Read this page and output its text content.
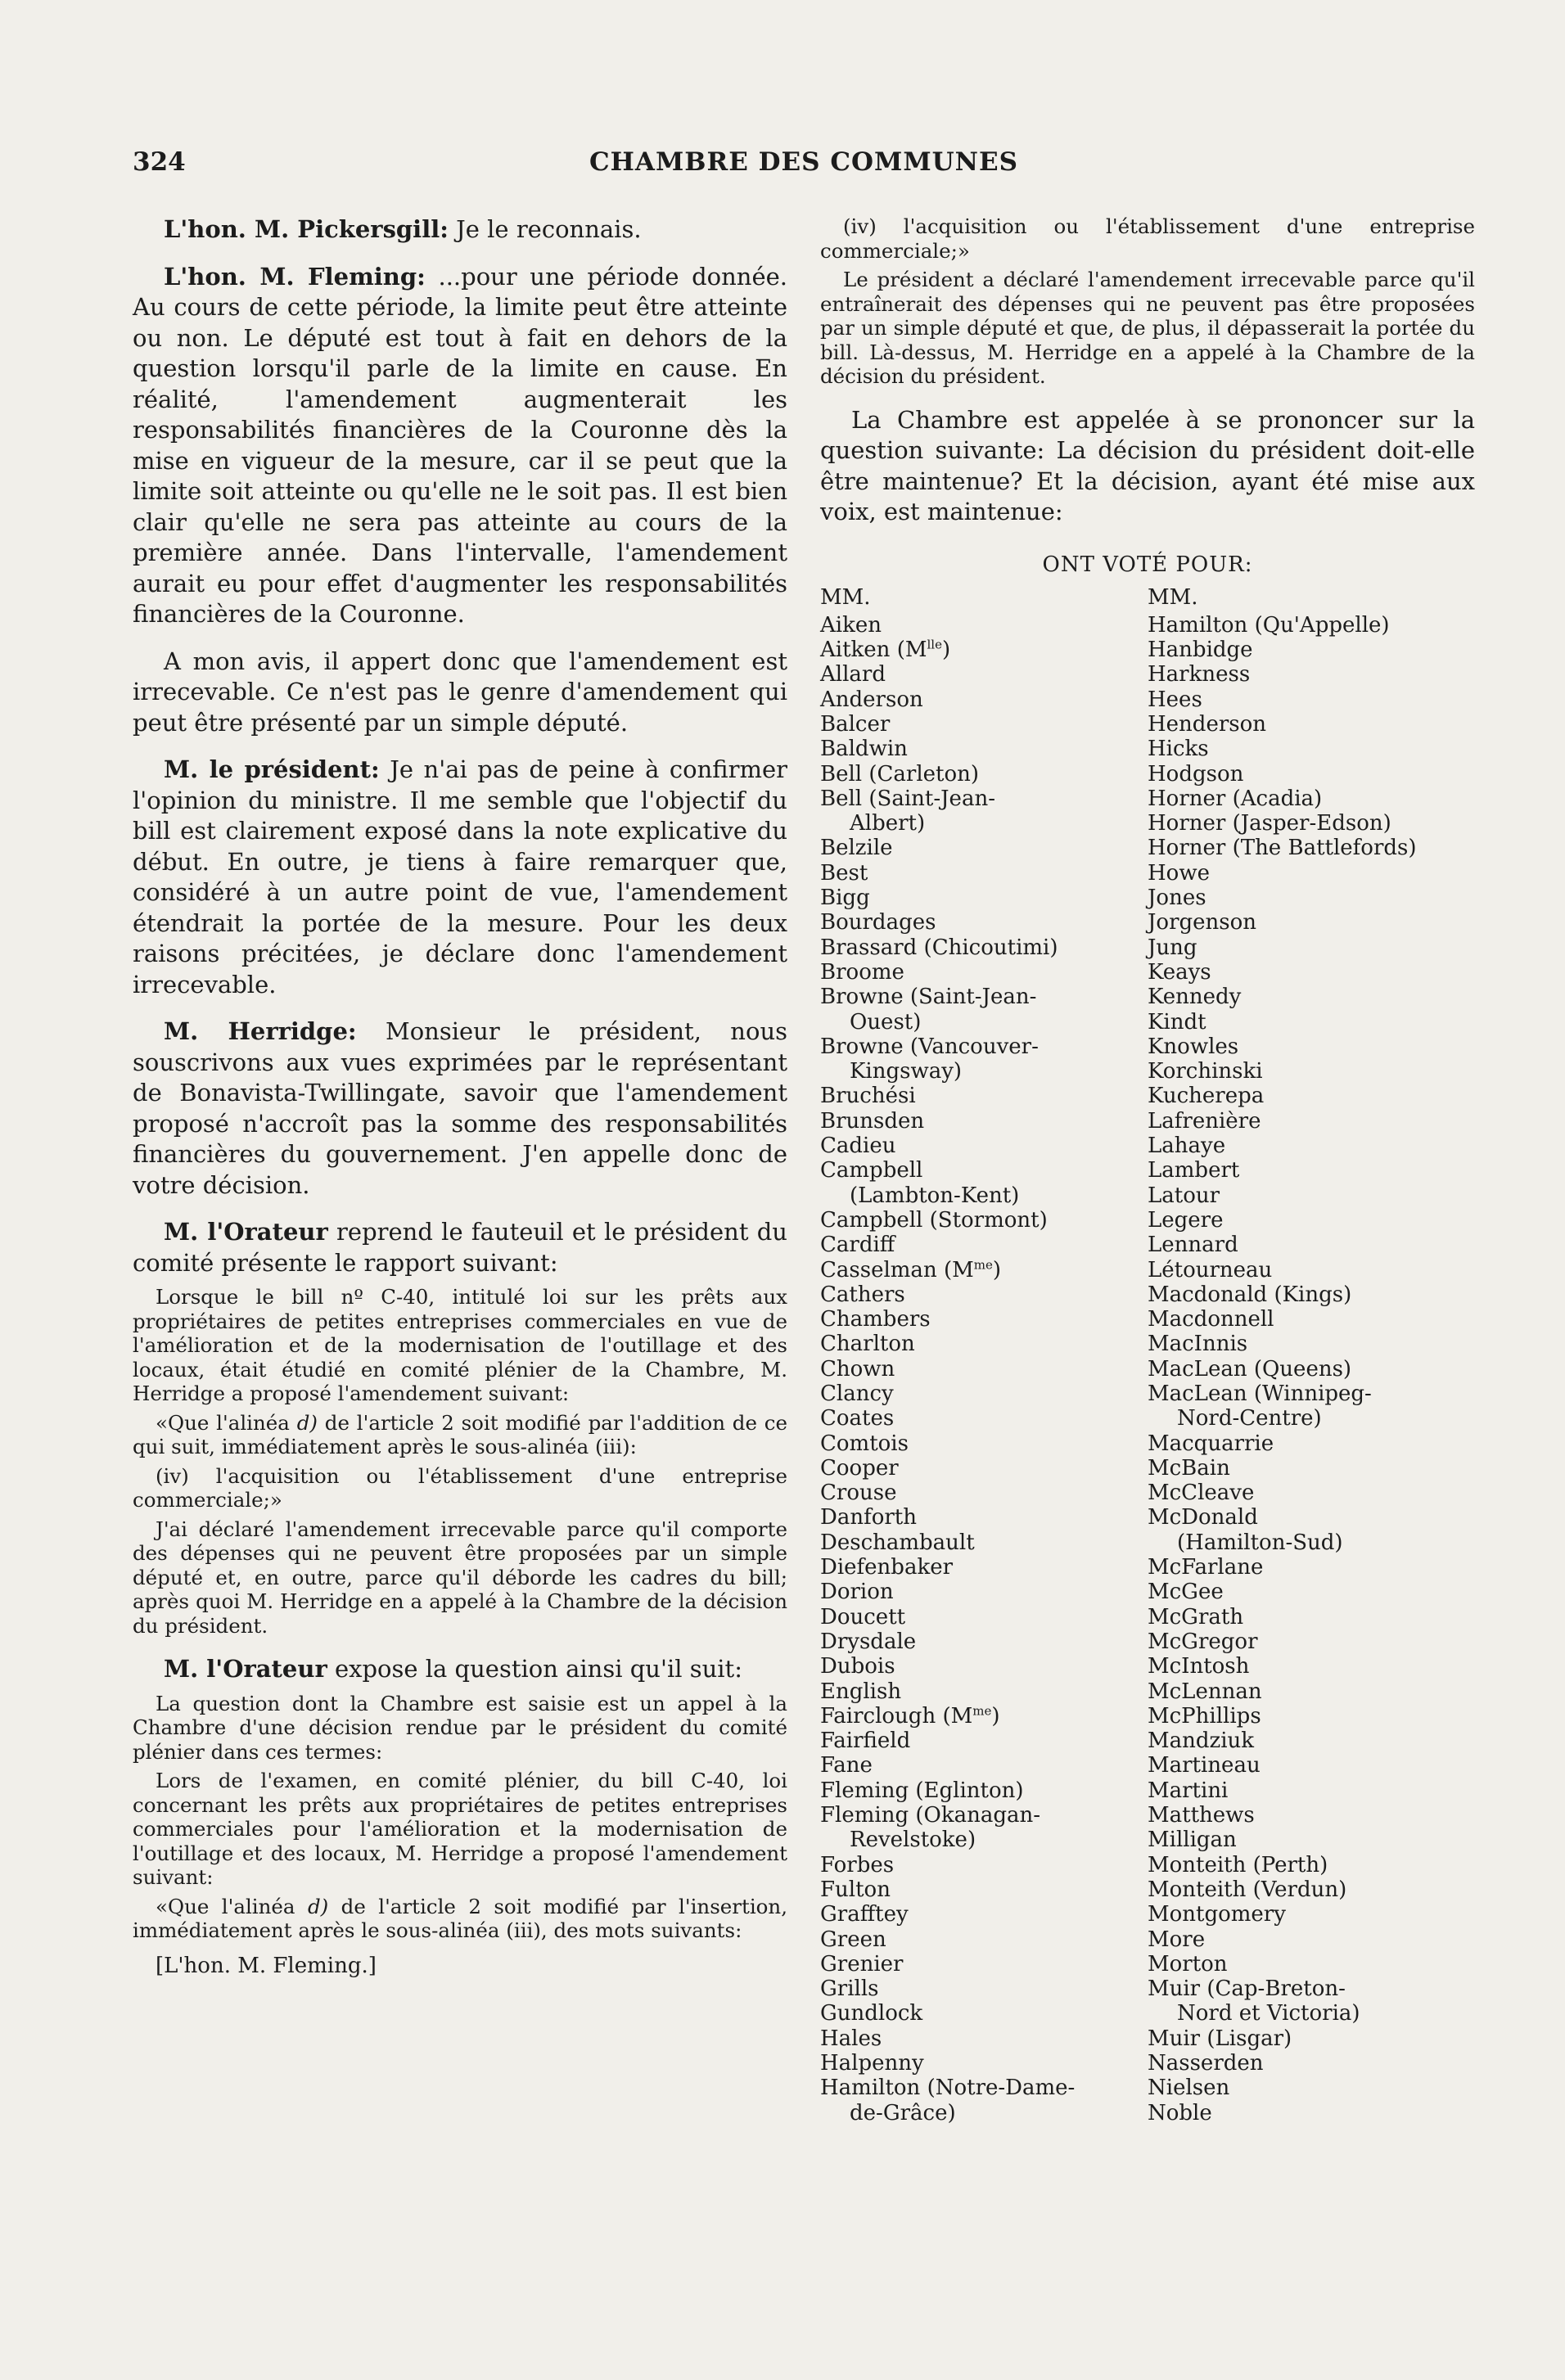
324	CHAMBRE DES COMMUNES

L'hon. M. Pickersgill: Je le reconnais.

L'hon. M. Fleming: ...pour une période donnée. Au cours de cette période, la limite peut être atteinte ou non. Le député est tout à fait en dehors de la question lorsqu'il parle de la limite en cause. En réalité, l'amendement augmenterait les responsabilités financières de la Couronne dès la mise en vigueur de la mesure, car il se peut que la limite soit atteinte ou qu'elle ne le soit pas. Il est bien clair qu'elle ne sera pas atteinte au cours de la première année. Dans l'intervalle, l'amendement aurait eu pour effet d'augmenter les responsabilités financières de la Couronne.

A mon avis, il appert donc que l'amendement est irrecevable. Ce n'est pas le genre d'amendement qui peut être présenté par un simple député.

M. le président: Je n'ai pas de peine à confirmer l'opinion du ministre. Il me semble que l'objectif du bill est clairement exposé dans la note explicative du début. En outre, je tiens à faire remarquer que, considéré à un autre point de vue, l'amendement étendrait la portée de la mesure. Pour les deux raisons précitées, je déclare donc l'amendement irrecevable.

M. Herridge: Monsieur le président, nous souscrivons aux vues exprimées par le représentant de Bonavista-Twillingate, savoir que l'amendement proposé n'accroît pas la somme des responsabilités financières du gouvernement. J'en appelle donc de votre décision.

M. l'Orateur reprend le fauteuil et le président du comité présente le rapport suivant:

Lorsque le bill nº C-40, intitulé loi sur les prêts aux propriétaires de petites entreprises commerciales en vue de l'amélioration et de la modernisation de l'outillage et des locaux, était étudié en comité plénier de la Chambre, M. Herridge a proposé l'amendement suivant:

«Que l'alinéa d) de l'article 2 soit modifié par l'addition de ce qui suit, immédiatement après le sous-alinéa (iii):

(iv) l'acquisition ou l'établissement d'une entreprise commerciale;»

J'ai déclaré l'amendement irrecevable parce qu'il comporte des dépenses qui ne peuvent être proposées par un simple député et, en outre, parce qu'il déborde les cadres du bill; après quoi M. Herridge en a appelé à la Chambre de la décision du président.

M. l'Orateur expose la question ainsi qu'il suit:

La question dont la Chambre est saisie est un appel à la Chambre d'une décision rendue par le président du comité plénier dans ces termes:

Lors de l'examen, en comité plénier, du bill C-40, loi concernant les prêts aux propriétaires de petites entreprises commerciales pour l'amélioration et la modernisation de l'outillage et des locaux, M. Herridge a proposé l'amendement suivant:

«Que l'alinéa d) de l'article 2 soit modifié par l'insertion, immédiatement après le sous-alinéa (iii), des mots suivants:

[L'hon. M. Fleming.]

(iv) l'acquisition ou l'établissement d'une entreprise commerciale;»

Le président a déclaré l'amendement irrecevable parce qu'il entraînerait des dépenses qui ne peuvent pas être proposées par un simple député et que, de plus, il dépasserait la portée du bill. Là-dessus, M. Herridge en a appelé à la Chambre de la décision du président.

La Chambre est appelée à se prononcer sur la question suivante: La décision du président doit-elle être maintenue? Et la décision, ayant été mise aux voix, est maintenue:

ONT VOTÉ POUR:
MM.
Aiken
Aitken $(M^{lle})$
Allard
Anderson
Balcer
Baldwin
Bell (Carleton)
Bell (Saint-Jean-
Albert)
Belzile
Best
Bigg
Bourdages
Brassard (Chicoutimi)
Broome
Browne (Saint-Jean-
Ouest)
Browne (Vancouver-
Kingsway)
Bruchési
Brunsden
Cadieu
Campbell
(Lambton-Kent)
Campbell (Stormont)
Cardiff
Casselman $(M^{me})$
Cathers
Chambers
Charlton
Chown
Clancy
Coates
Comtois
Cooper
Crouse
Danforth
Deschambault
Diefenbaker
Dorion
Doucett
Drysdale
Dubois
English
Fairclough $(M^{me})$
Fairfield
Fane
Fleming (Eglinton)
Fleming (Okanagan-
Revelstoke)
Forbes
Fulton
Grafftey
Green
Grenier
Grills
Gundlock
Hales
Halpenny
Hamilton (Notre-Dame-
de-Grâce)
MM.
Hamilton (Qu'Appelle)
Hanbidge
Harkness
Hees
Henderson
Hicks
Hodgson
Horner (Acadia)
Horner (Jasper-Edson)
Horner (The Battlefords)
Howe
Jones
Jorgenson
Jung
Keays
Kennedy
Kindt
Knowles
Korchinski
Kucherepa
Lafrenière
Lahaye
Lambert
Latour
Legere
Lennard
Létourneau
Macdonald (Kings)
Macdonnell
MacInnis
MacLean (Queens)
MacLean (Winnipeg-
Nord-Centre)
Macquarrie
McBain
McCleave
McDonald
(Hamilton-Sud)
McFarlane
McGee
McGrath
McGregor
McIntosh
McLennan
McPhillips
Mandziuk
Martineau
Martini
Matthews
Milligan
Monteith (Perth)
Monteith (Verdun)
Montgomery
More
Morton
Muir (Cap-Breton-
Nord et Victoria)
Muir (Lisgar)
Nasserden
Nielsen
Noble
